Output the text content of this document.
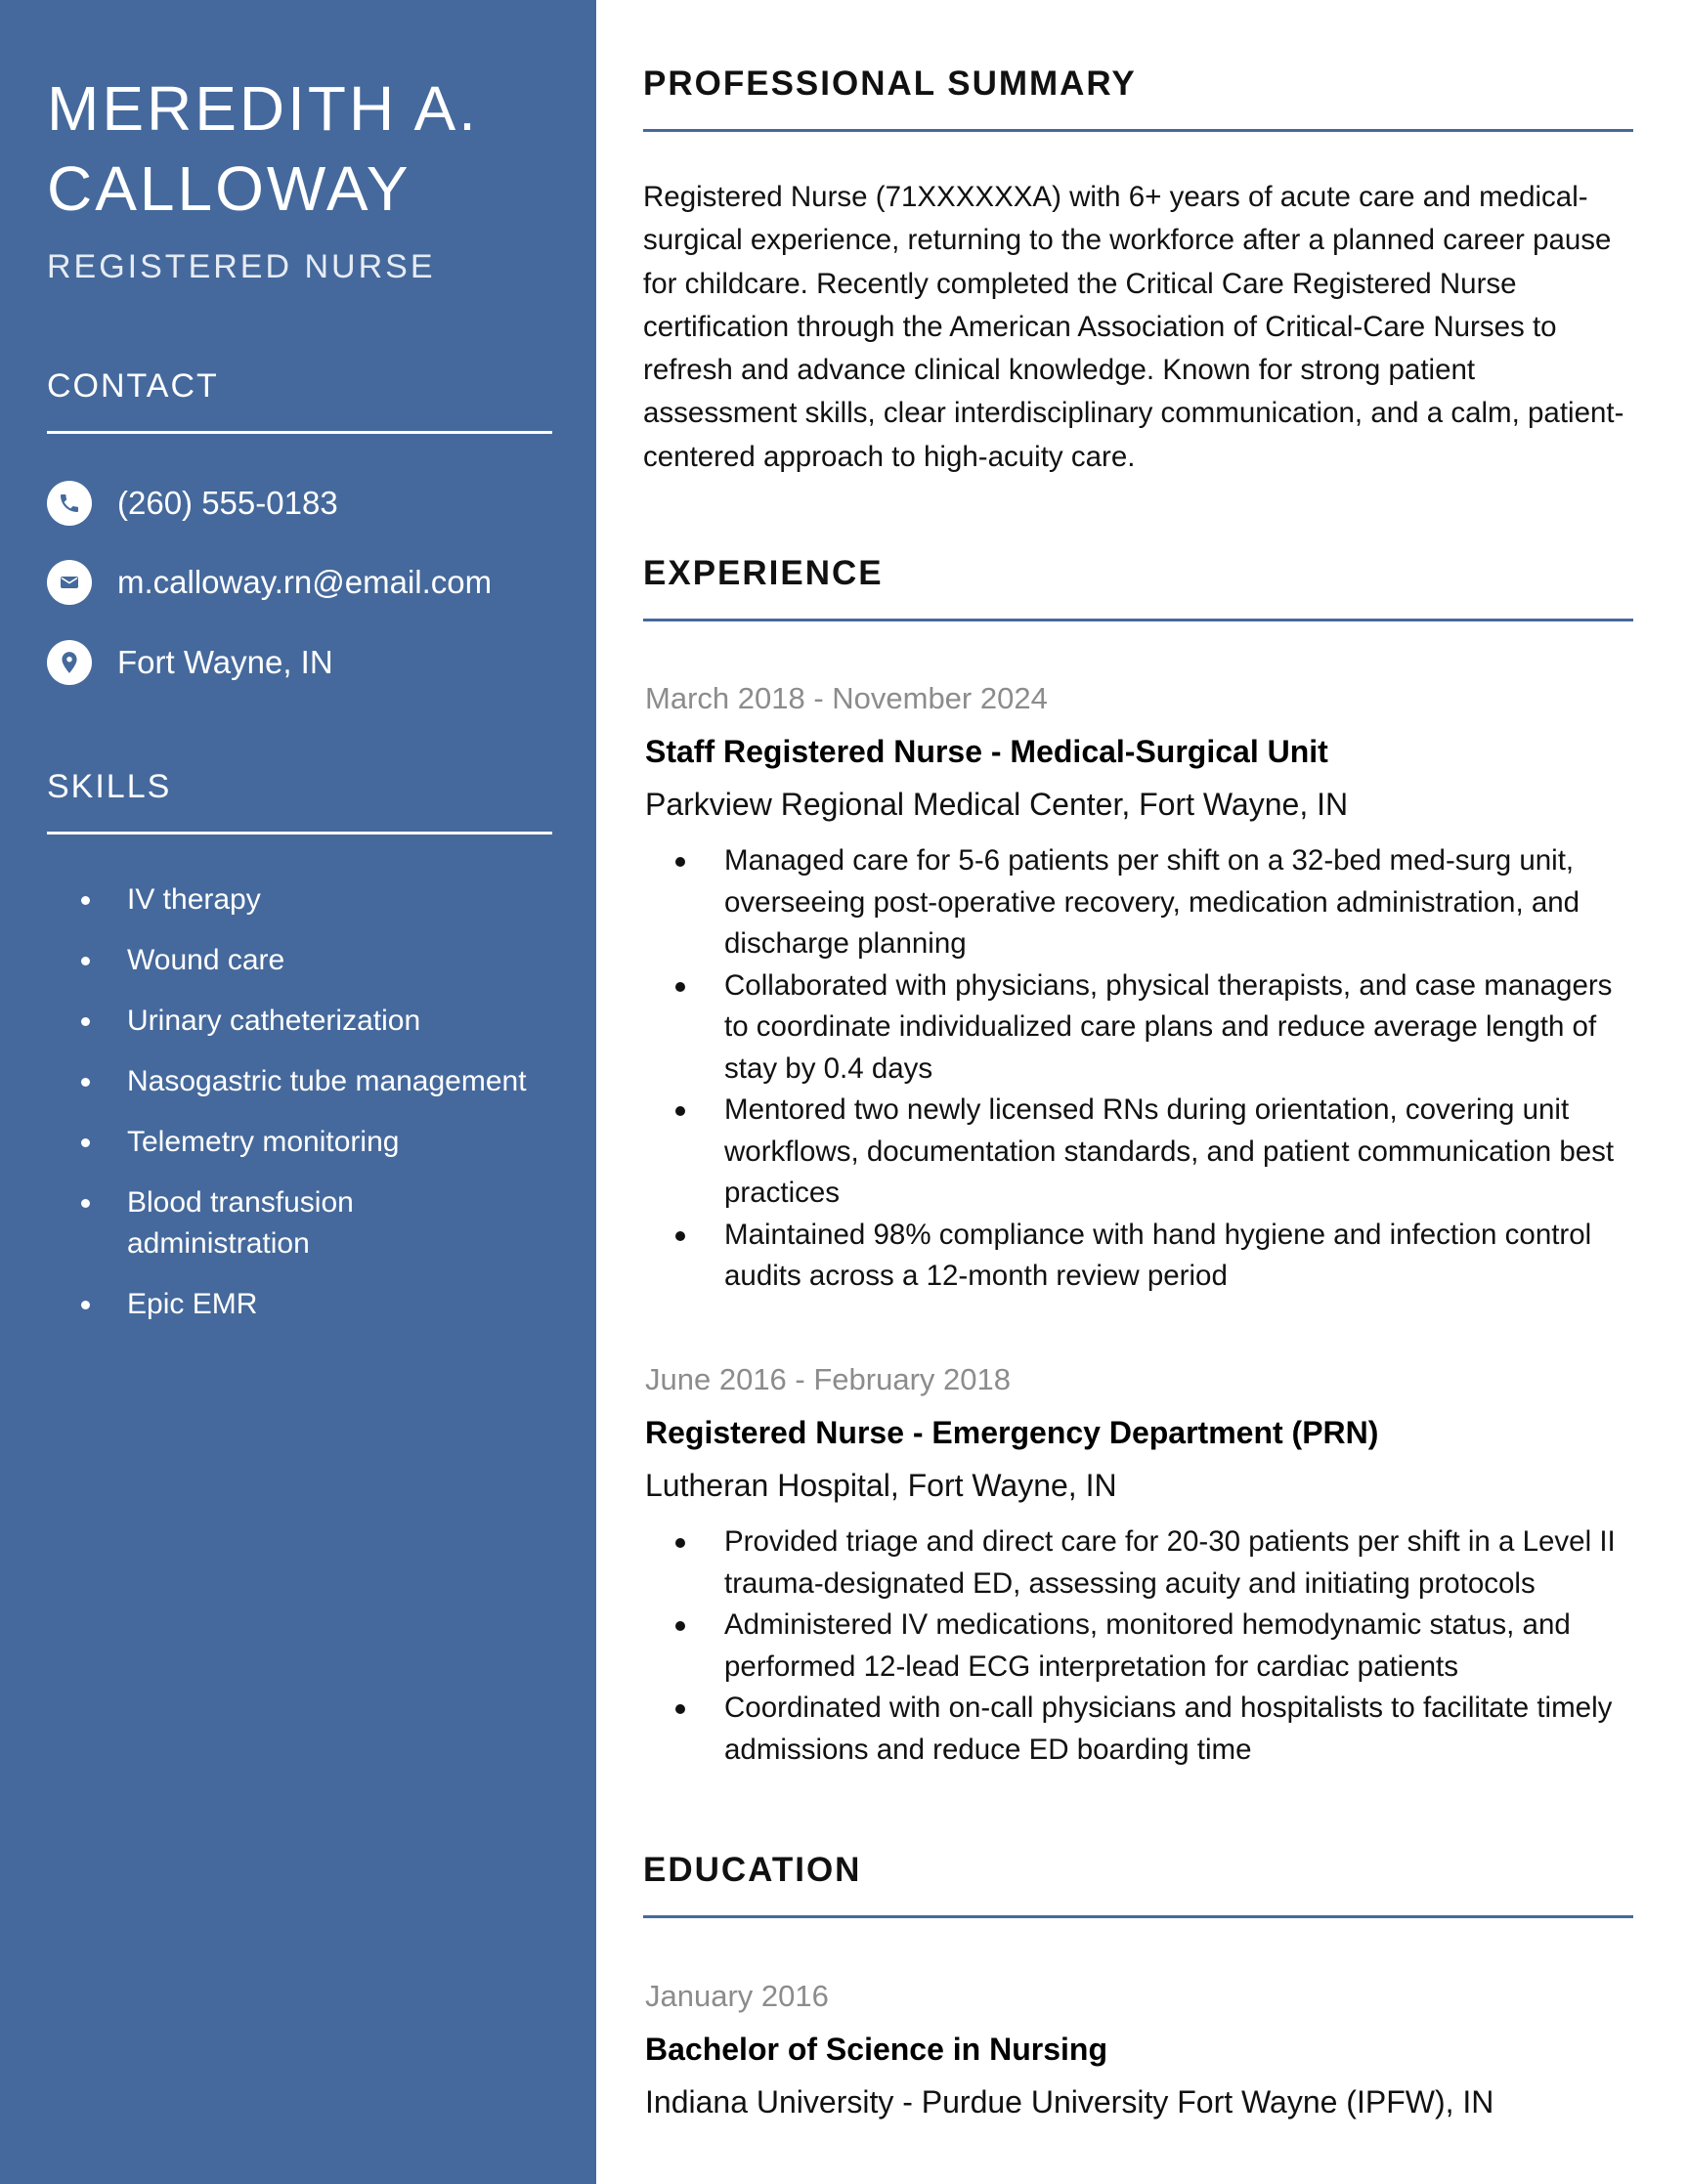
MEREDITH A. CALLOWAY
REGISTERED NURSE
CONTACT
(260) 555-0183
m.calloway.rn@email.com
Fort Wayne, IN
SKILLS
IV therapy
Wound care
Urinary catheterization
Nasogastric tube management
Telemetry monitoring
Blood transfusion administration
Epic EMR
PROFESSIONAL SUMMARY

Registered Nurse (71XXXXXXA) with 6+ years of acute care and medical-surgical experience, returning to the workforce after a planned career pause for childcare. Recently completed the Critical Care Registered Nurse certification through the American Association of Critical-Care Nurses to refresh and advance clinical knowledge. Known for strong patient assessment skills, clear interdisciplinary communication, and a calm, patient-centered approach to high-acuity care.

EXPERIENCE
March 2018 - November 2024
Staff Registered Nurse - Medical-Surgical Unit
Parkview Regional Medical Center, Fort Wayne, IN
Managed care for 5-6 patients per shift on a 32-bed med-surg unit, overseeing post-operative recovery, medication administration, and discharge planning
Collaborated with physicians, physical therapists, and case managers to coordinate individualized care plans and reduce average length of stay by 0.4 days
Mentored two newly licensed RNs during orientation, covering unit workflows, documentation standards, and patient communication best practices
Maintained 98% compliance with hand hygiene and infection control audits across a 12-month review period
June 2016 - February 2018
Registered Nurse - Emergency Department (PRN)
Lutheran Hospital, Fort Wayne, IN
Provided triage and direct care for 20-30 patients per shift in a Level II trauma-designated ED, assessing acuity and initiating protocols
Administered IV medications, monitored hemodynamic status, and performed 12-lead ECG interpretation for cardiac patients
Coordinated with on-call physicians and hospitalists to facilitate timely admissions and reduce ED boarding time
EDUCATION
January 2016
Bachelor of Science in Nursing
Indiana University - Purdue University Fort Wayne (IPFW), IN
